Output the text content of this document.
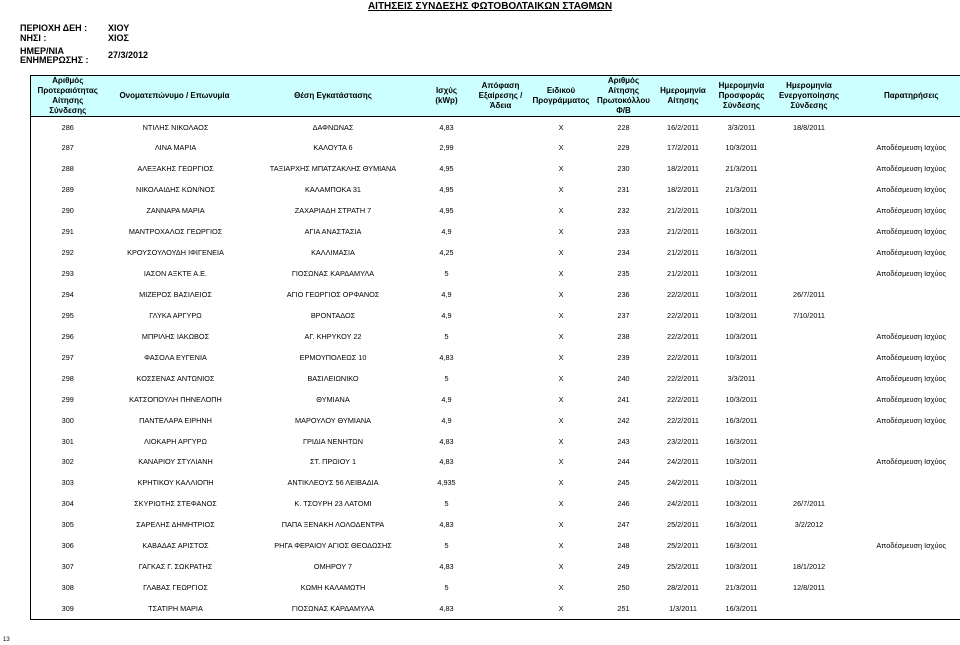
ΑΙΤΗΣΕΙΣ ΣΥΝΔΕΣΗΣ ΦΩΤΟΒΟΛΤΑΙΚΩΝ ΣΤΑΘΜΩΝ
ΠΕΡΙΟΧΗ ΔΕΗ :	ΧΙΟΥ
ΝΗΣΙ :	ΧΙΟΣ
ΗΜΕΡ/ΝΙΑ
ΕΝΗΜΕΡΩΣΗΣ :	27/3/2012
Αριθμός
Προτεραιότητας
Αίτησης Σύνδεσης	Ονοματεπώνυμο / Επωνυμία	Θέση Εγκατάστασης	Ισχύς
(kWp)	Απόφαση
Εξαίρεσης /
Άδεια	Ειδικού
Προγράμματος	Αριθμός
Αίτησης
Πρωτοκόλλου
Φ/Β	Ημερομηνία
Αίτησης	Ημερομηνία
Προσφοράς
Σύνδεσης	Ημερομηνία
Ενεργοποίησης
Σύνδεσης	Παρατηρήσεις
286	ΝΤΙΛΗΣ ΝΙΚΟΛΑΟΣ	ΔΑΦΝΩΝΑΣ	4,83		Χ	228	16/2/2011	3/3/2011	18/8/2011	
287	ΛΙΝΑ ΜΑΡΙΑ	ΚΑΛΟΥΤΑ 6	2,99		Χ	229	17/2/2011	10/3/2011		Αποδέσμευση Ισχύος
288	ΑΛΕΞΑΚΗΣ ΓΕΩΡΓΙΟΣ	ΤΑΞΙΑΡΧΗΣ ΜΠΑΤΖΑΚΛΗΣ ΘΥΜΙΑΝΑ	4,95		Χ	230	18/2/2011	21/3/2011		Αποδέσμευση Ισχύος
289	ΝΙΚΟΛΑΙΔΗΣ ΚΩΝ/ΝΟΣ	ΚΑΛΑΜΠΟΚΑ 31	4,95		Χ	231	18/2/2011	21/3/2011		Αποδέσμευση Ισχύος
290	ΖΑΝΝΑΡΑ ΜΑΡΙΑ	ΖΑΧΑΡΙΑΔΗ ΣΤΡΑΤΗ 7	4,95		Χ	232	21/2/2011	10/3/2011		Αποδέσμευση Ισχύος
291	ΜΑΝΤΡΟΧΑΛΟΣ ΓΕΩΡΓΙΟΣ	ΑΓΙΑ ΑΝΑΣΤΑΣΙΑ	4,9		Χ	233	21/2/2011	16/3/2011		Αποδέσμευση Ισχύος
292	ΚΡΟΥΣΟΥΛΟΥΔΗ ΙΦΙΓΕΝΕΙΑ	ΚΑΛΛΙΜΑΣΙΑ	4,25		Χ	234	21/2/2011	16/3/2011		Αποδέσμευση Ισχύος
293	ΙΑΣΟΝ ΑΞΚΤΕ Α.Ε.	ΓΙΟΣΩΝΑΣ ΚΑΡΔΑΜΥΛΑ	5		Χ	235	21/2/2011	10/3/2011		Αποδέσμευση Ισχύος
294	ΜΙΖΕΡΟΣ ΒΑΣΙΛΕΙΟΣ	ΑΓΙΟ ΓΕΩΡΓΙΟΣ ΟΡΦΑΝΟΣ	4,9		Χ	236	22/2/2011	10/3/2011	26/7/2011	
295	ΓΛΥΚΑ ΑΡΓΥΡΩ	ΒΡΟΝΤΑΔΟΣ	4,9		Χ	237	22/2/2011	10/3/2011	7/10/2011	
296	ΜΠΡΙΛΗΣ ΙΑΚΩΒΟΣ	ΑΓ. ΚΗΡΥΚΟΥ 22	5		Χ	238	22/2/2011	10/3/2011		Αποδέσμευση Ισχύος
297	ΦΑΣΟΛΑ ΕΥΓΕΝΙΑ	ΕΡΜΟΥΠΟΛΕΩΣ 10	4,83		Χ	239	22/2/2011	10/3/2011		Αποδέσμευση Ισχύος
298	ΚΟΣΣΕΝΑΣ ΑΝΤΩΝΙΟΣ	ΒΑΣΙΛΕΙΩΝΙΚΟ	5		Χ	240	22/2/2011	3/3/2011		Αποδέσμευση Ισχύος
299	ΚΑΤΣΟΠΟΥΛΗ ΠΗΝΕΛΟΠΗ	ΘΥΜΙΑΝΑ	4,9		Χ	241	22/2/2011	10/3/2011		Αποδέσμευση Ισχύος
300	ΠΑΝΤΕΛΑΡΑ ΕΙΡΗΝΗ	ΜΑΡΟΥΛΟΥ ΘΥΜΙΑΝΑ	4,9		Χ	242	22/2/2011	16/3/2011		Αποδέσμευση Ισχύος
301	ΛΙΟΚΑΡΗ ΑΡΓΥΡΩ	ΓΡΙΔΙΑ ΝΕΝΗΤΩΝ	4,83		Χ	243	23/2/2011	16/3/2011		
302	ΚΑΝΑΡΙΟΥ ΣΤΥΛΙΑΝΗ	ΣΤ. ΠΡΩΙΟΥ 1	4,83		Χ	244	24/2/2011	10/3/2011		Αποδέσμευση Ισχύος
303	ΚΡΗΤΙΚΟΥ ΚΑΛΛΙΟΠΗ	ΑΝΤΙΚΛΕΟΥΣ 56 ΛΕΙΒΑΔΙΑ	4,935		Χ	245	24/2/2011	10/3/2011		
304	ΣΚΥΡΙΩΤΗΣ ΣΤΕΦΑΝΟΣ	Κ. ΤΣΟΥΡΗ 23 ΛΑΤΟΜΙ	5		Χ	246	24/2/2011	10/3/2011	26/7/2011	
305	ΣΑΡΕΛΗΣ ΔΗΜΗΤΡΙΟΣ	ΠΑΠΑ ΞΕΝΑΚΗ ΛΟΛΟΔΕΝΤΡΑ	4,83		Χ	247	25/2/2011	16/3/2011	3/2/2012	
306	ΚΑΒΑΔΑΣ ΑΡΙΣΤΟΣ	ΡΗΓΑ ΦΕΡΑΙΟΥ ΑΓΙΟΣ ΘΕΟΔΩΣΗΣ	5		Χ	248	25/2/2011	16/3/2011		Αποδέσμευση Ισχύος
307	ΓΑΓΚΑΣ Γ. ΣΩΚΡΑΤΗΣ	ΟΜΗΡΟΥ 7	4,83		Χ	249	25/2/2011	10/3/2011	18/1/2012	
308	ΓΛΑΒΑΣ ΓΕΩΡΓΙΟΣ	ΚΩΜΗ ΚΑΛΑΜΩΤΗ	5		Χ	250	28/2/2011	21/3/2011	12/8/2011	
309	ΤΣΑΤΙΡΗ ΜΑΡΙΑ	ΓΙΟΣΩΝΑΣ ΚΑΡΔΑΜΥΛΑ	4,83		Χ	251	1/3/2011	16/3/2011		
13
